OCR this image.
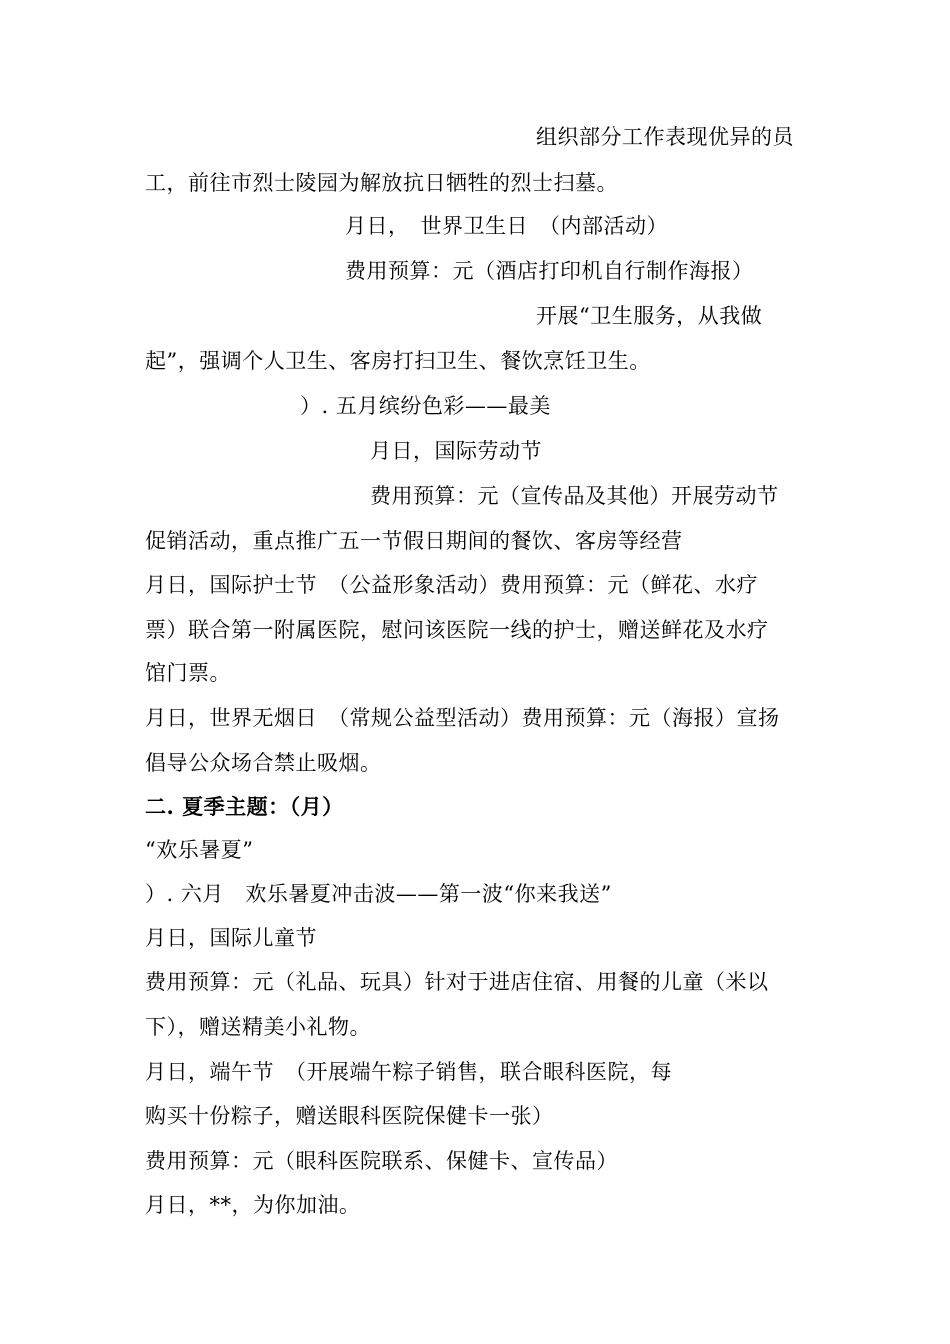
组织部分工作表现优异的员
工，前往市烈士陵园为解放抗日牺牲的烈士扫墓。
月日，　世界卫生日　（内部活动）
费用预算：元（酒店打印机自行制作海报）
开展“卫生服务，从我做
起”，强调个人卫生、客房打扫卫生、餐饮烹饪卫生。
）. 五月缤纷色彩——最美
月日，国际劳动节
费用预算：元（宣传品及其他）开展劳动节
促销活动，重点推广五一节假日期间的餐饮、客房等经营
月日，国际护士节　（公益形象活动）费用预算：元（鲜花、水疗
票）联合第一附属医院，慰问该医院一线的护士，赠送鲜花及水疗
馆门票。
月日，世界无烟日　（常规公益型活动）费用预算：元（海报）宣扬
倡导公众场合禁止吸烟。
二. 夏季主题：（月）
“欢乐暑夏”
）. 六月　欢乐暑夏冲击波——第一波“你来我送”
月日，国际儿童节
费用预算：元（礼品、玩具）针对于进店住宿、用餐的儿童（米以
下），赠送精美小礼物。
月日，端午节　（开展端午粽子销售，联合眼科医院，每
购买十份粽子，赠送眼科医院保健卡一张）
费用预算：元（眼科医院联系、保健卡、宣传品）
月日，**，为你加油。
